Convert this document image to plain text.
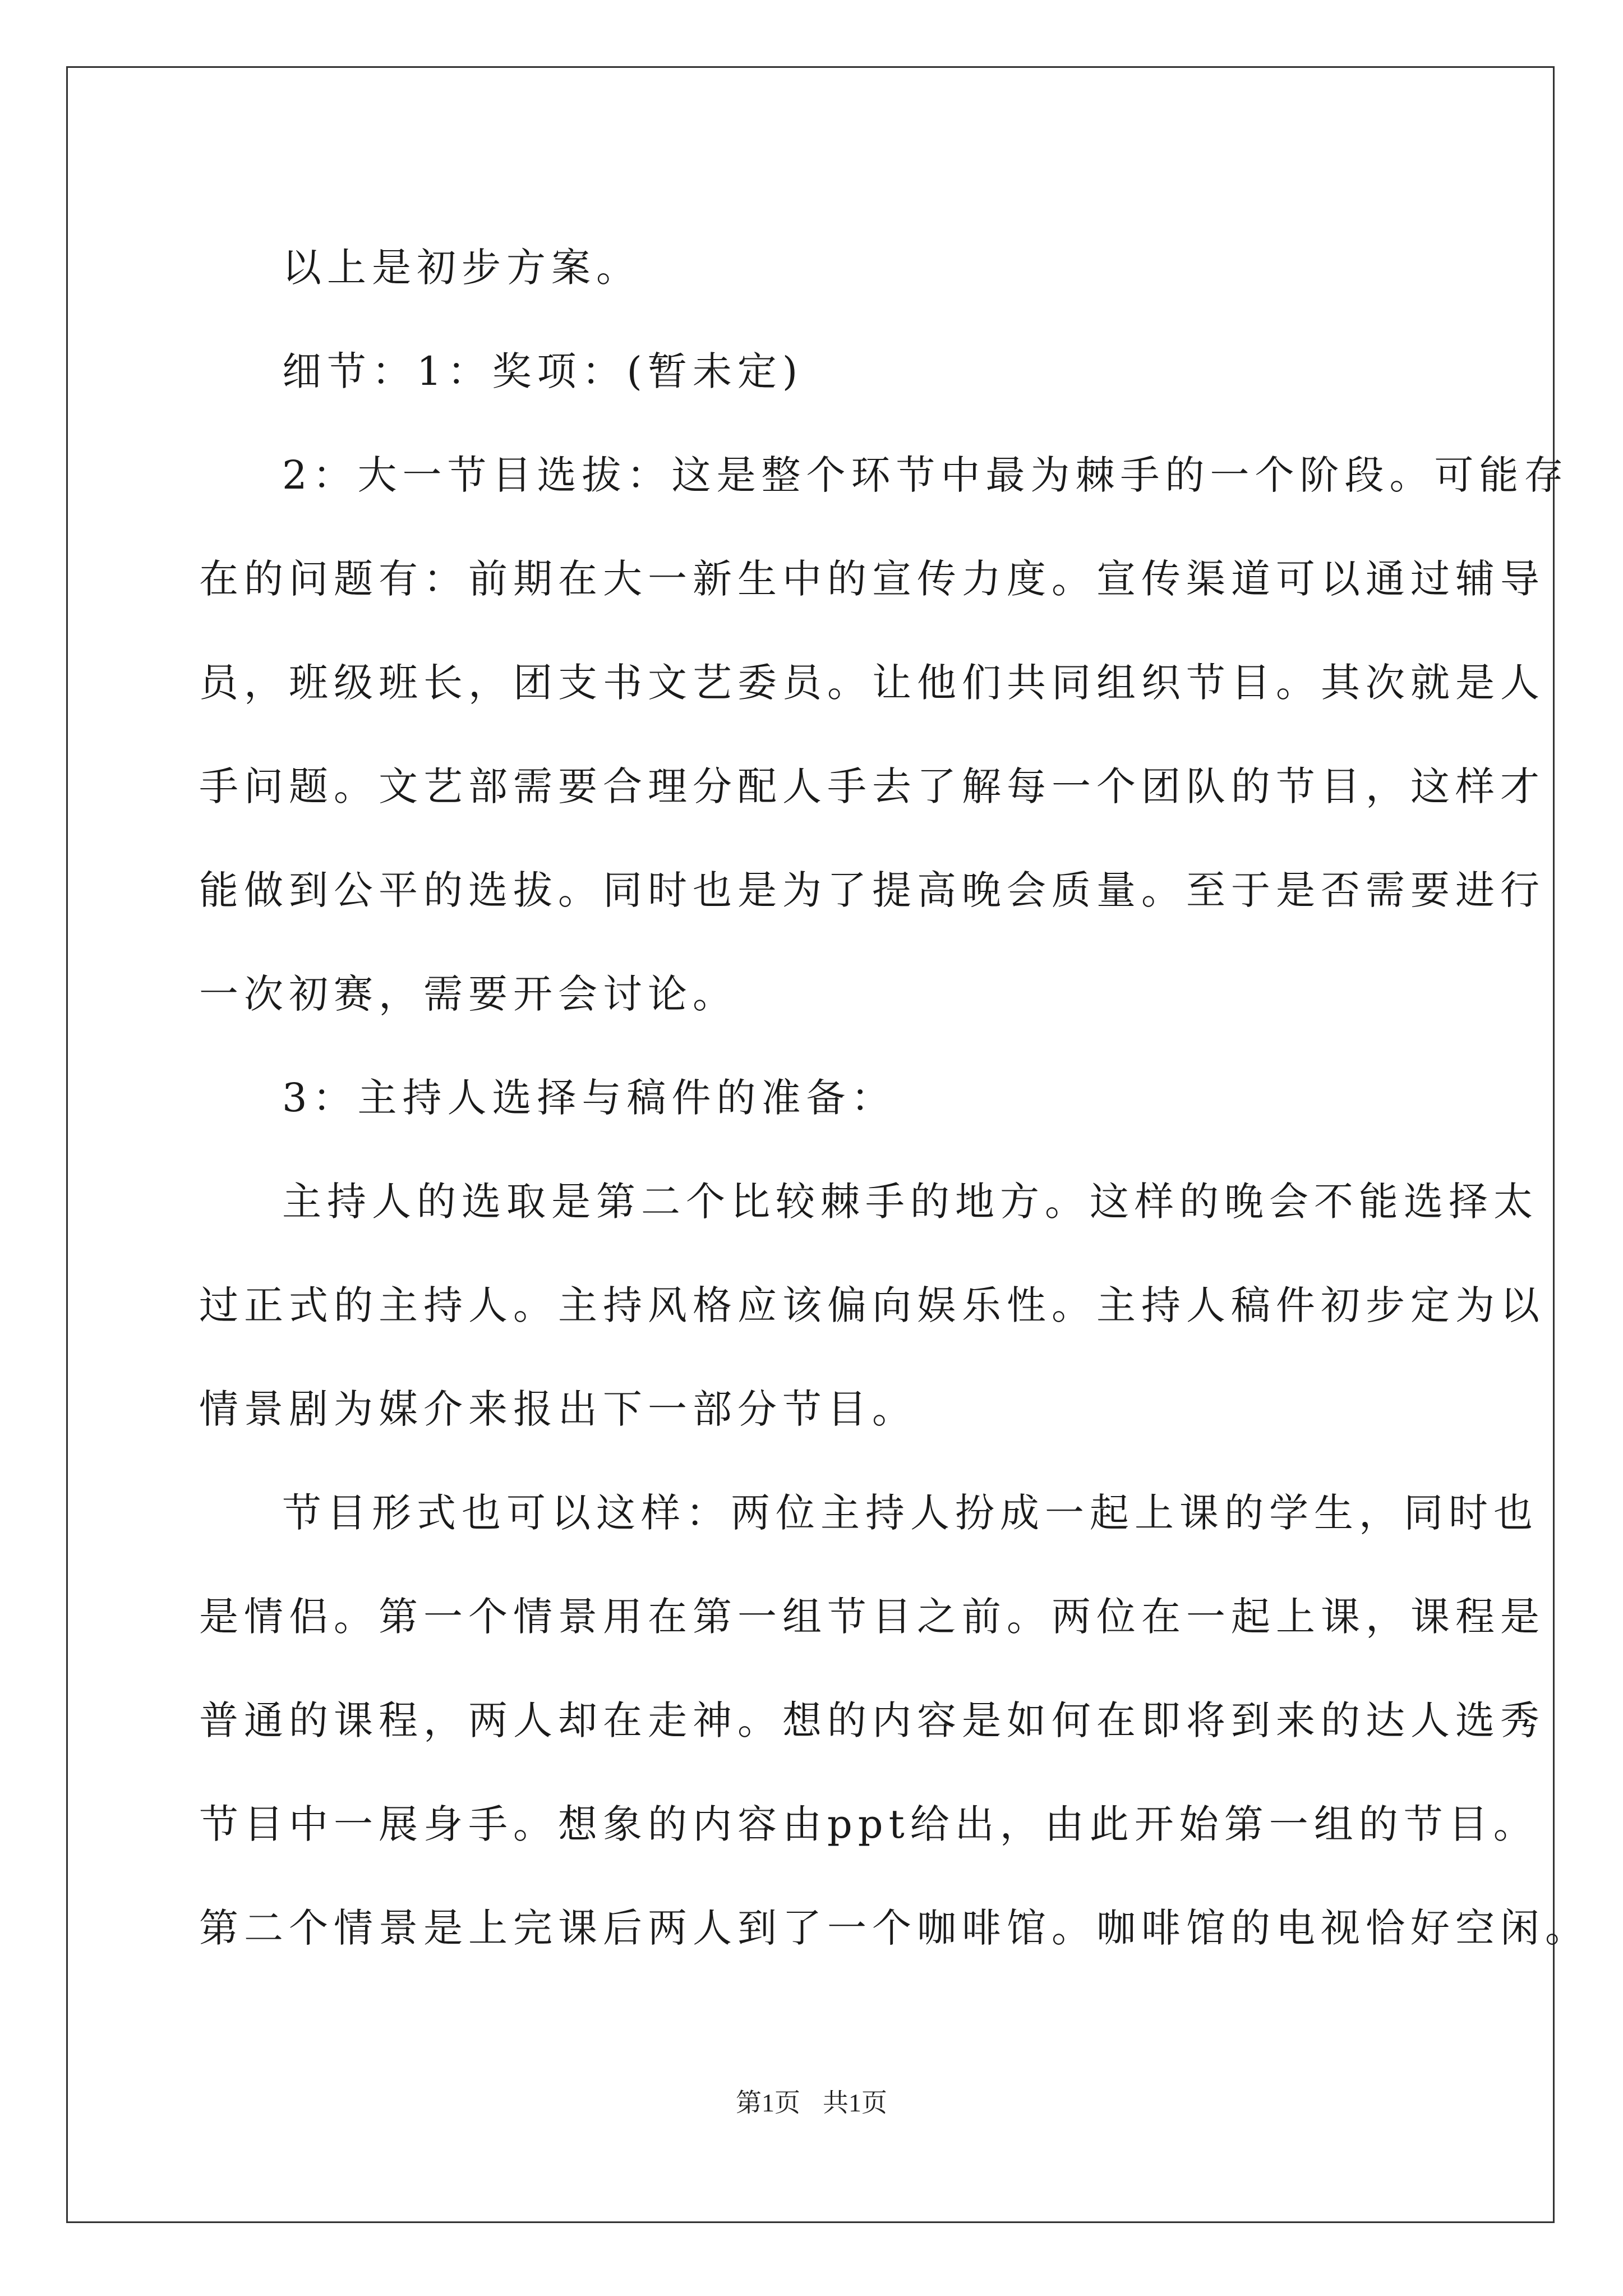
以上是初步方案。

细节：1：奖项：(暂未定)

2：大一节目选拔：这是整个环节中最为棘手的一个阶段。可能存

在的问题有：前期在大一新生中的宣传力度。宣传渠道可以通过辅导

员，班级班长，团支书文艺委员。让他们共同组织节目。其次就是人

手问题。文艺部需要合理分配人手去了解每一个团队的节目，这样才

能做到公平的选拔。同时也是为了提高晚会质量。至于是否需要进行

一次初赛，需要开会讨论。

3：主持人选择与稿件的准备：

主持人的选取是第二个比较棘手的地方。这样的晚会不能选择太

过正式的主持人。主持风格应该偏向娱乐性。主持人稿件初步定为以

情景剧为媒介来报出下一部分节目。

节目形式也可以这样：两位主持人扮成一起上课的学生，同时也

是情侣。第一个情景用在第一组节目之前。两位在一起上课，课程是

普通的课程，两人却在走神。想的内容是如何在即将到来的达人选秀

节目中一展身手。想象的内容由ppt给出，由此开始第一组的节目。

第二个情景是上完课后两人到了一个咖啡馆。咖啡馆的电视恰好空闲。

第1页 共1页
